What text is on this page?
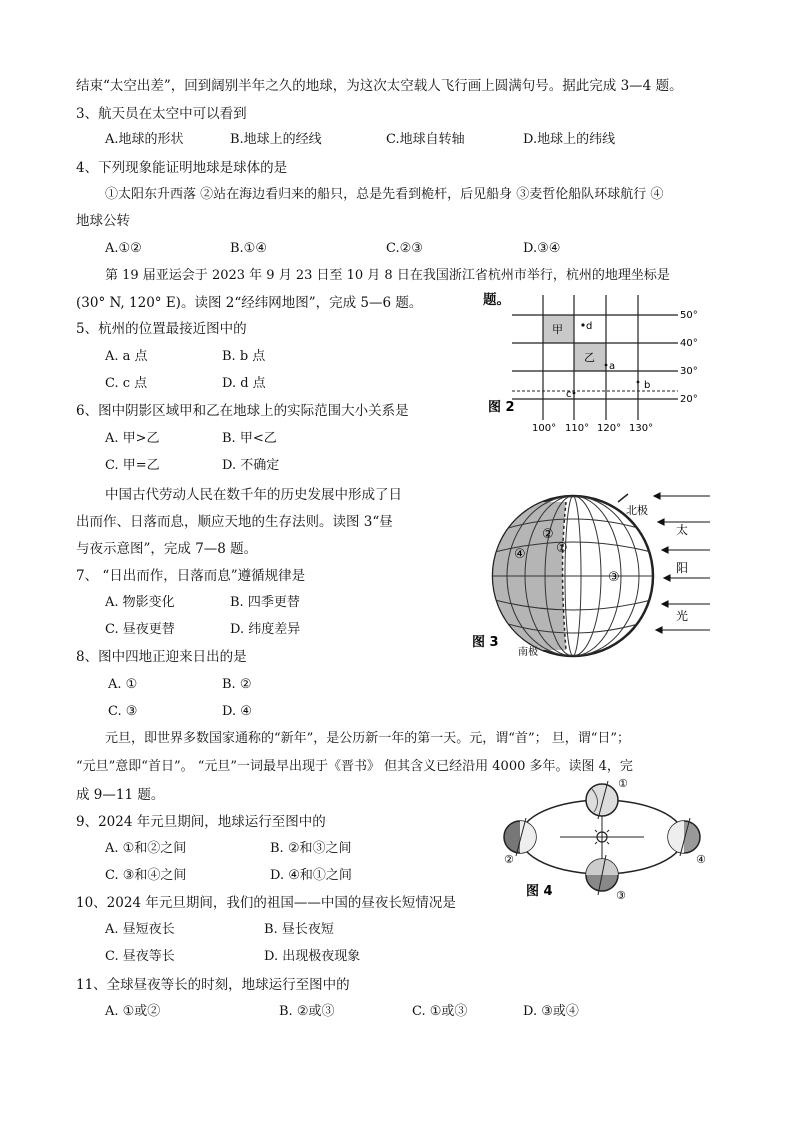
结束“太空出差”，回到阔别半年之久的地球，为这次太空载人飞行画上圆满句号。据此完成 3—4 题。
3、航天员在太空中可以看到
A.地球的形状	B.地球上的经线	C.地球自转轴	D.地球上的纬线
4、下列现象能证明地球是球体的是
①太阳东升西落 ②站在海边看归来的船只，总是先看到桅杆，后见船身 ③麦哲伦船队环球航行 ④
地球公转
A.①②	B.①④	C.②③	D.③④
第 19 届亚运会于 2023 年 9 月 23 日至 10 月 8 日在我国浙江省杭州市举行，杭州的地理坐标是
(30° N, 120° E)。读图 2“经纬网地图”，完成 5—6 题。	题。
5、杭州的位置最接近图中的
A. a 点	B. b 点
C. c 点	D. d 点
6、图中阴影区域甲和乙在地球上的实际范围大小关系是
A. 甲>乙	B. 甲<乙
C. 甲=乙	D. 不确定
50°
40°
30°
20°
100° 110° 120° 130°
甲
乙
d
a
b
c
图 2
中国古代劳动人民在数千年的历史发展中形成了日
出而作、日落而息，顺应天地的生存法则。读图 3“昼
与夜示意图”，完成 7—8 题。
7、 “日出而作，日落而息”遵循规律是
A. 物影变化	B. 四季更替
C. 昼夜更替	D. 纬度差异
8、图中四地正迎来日出的是
A. ①	B. ②
C. ③	D. ④
北极
南极
太
阳
光
①
②
③
④
图 3
元旦，即世界多数国家通称的“新年”，是公历新一年的第一天。元，谓“首”； 旦，谓“日”；
“元旦”意即“首日”。 “元旦”一词最早出现于《晋书》 但其含义已经沿用 4000 多年。读图 4，完
成 9—11 题。
9、2024 年元旦期间，地球运行至图中的
A. ①和②之间	B. ②和③之间
C. ③和④之间	D. ④和①之间
10、2024 年元旦期间，我们的祖国——中国的昼夜长短情况是
A. 昼短夜长	B. 昼长夜短
C. 昼夜等长	D. 出现极夜现象
11、全球昼夜等长的时刻，地球运行至图中的
A. ①或②	B. ②或③	C. ①或③	D. ③或④
①
②
③
④
图 4
